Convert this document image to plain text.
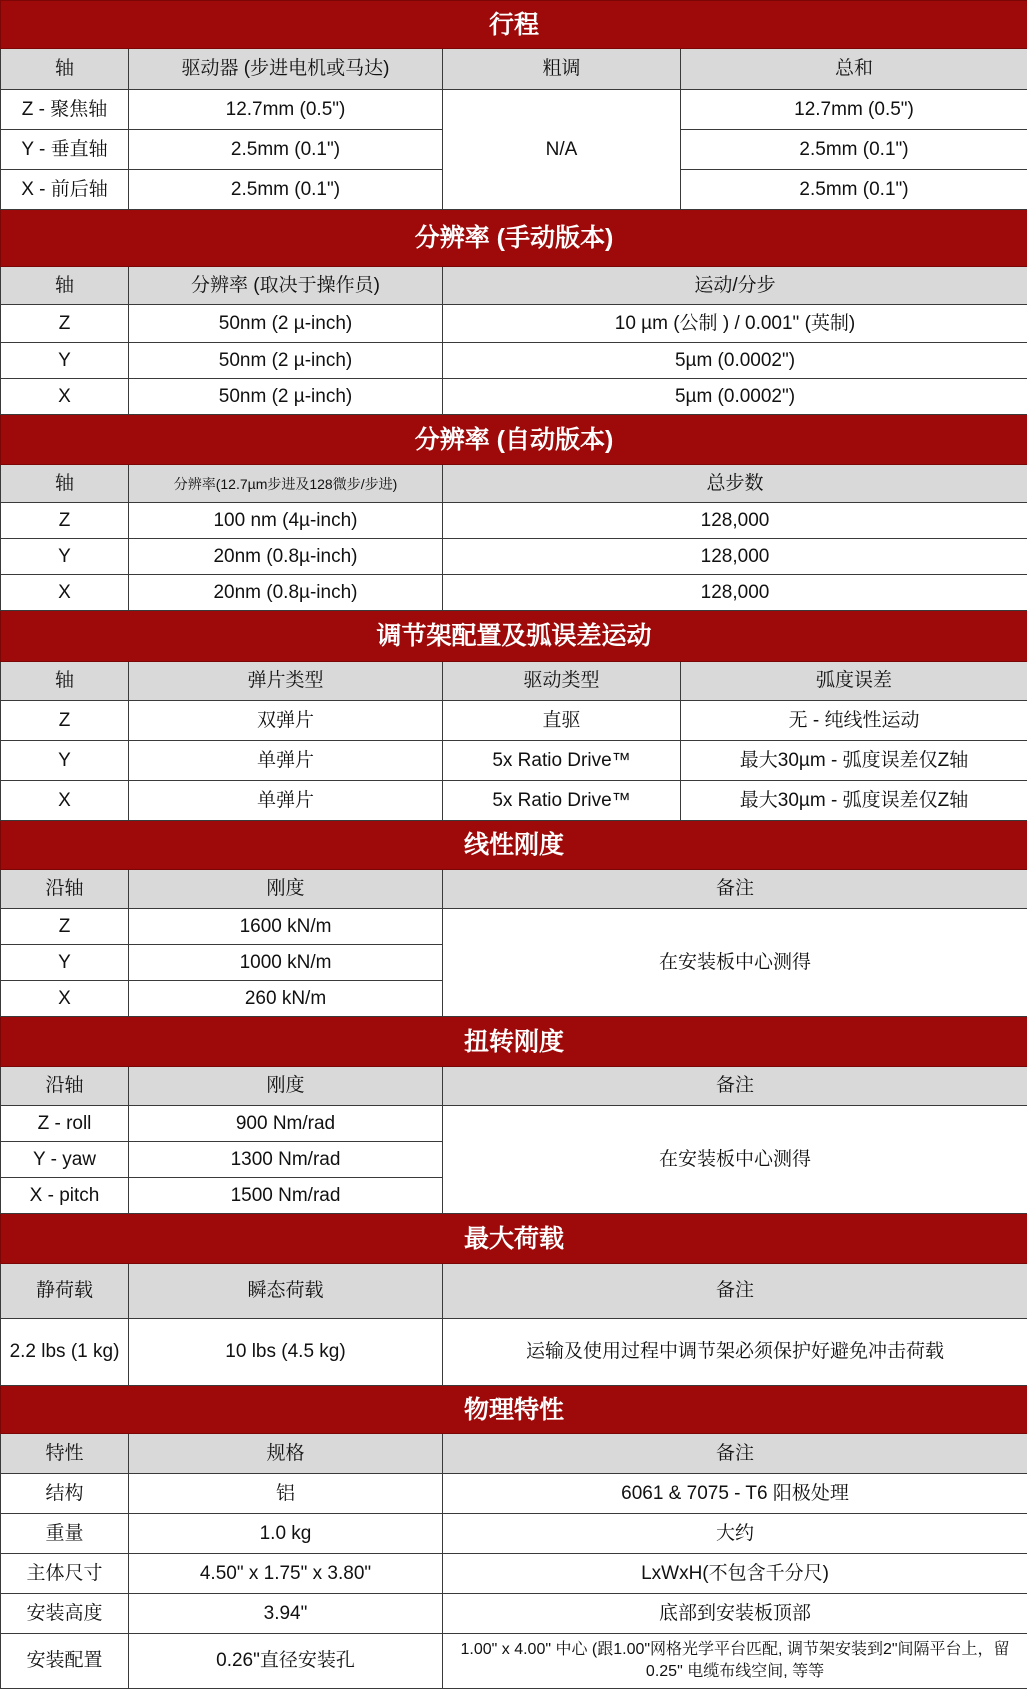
行程			
轴	驱动器 (步进电机或马达)	粗调	总和
Z - 聚焦轴	12.7mm (0.5")	N/A	12.7mm (0.5")
Y - 垂直轴	2.5mm (0.1")		2.5mm (0.1")
X - 前后轴	2.5mm (0.1")		2.5mm (0.1")
分辨率 (手动版本)			
轴	分辨率 (取决于操作员)	运动/分步	
Z	50nm (2 µ-inch)	10 µm (公制 ) / 0.001" (英制)	
Y	50nm (2 µ-inch)	5µm (0.0002")	
X	50nm (2 µ-inch)	5µm (0.0002")	
分辨率 (自动版本)			
轴	分辨率(12.7µm步进及128微步/步进)	总步数	
Z	100 nm (4µ-inch)	128,000	
Y	20nm (0.8µ-inch)	128,000	
X	20nm (0.8µ-inch)	128,000	
调节架配置及弧误差运动			
轴	弹片类型	驱动类型	弧度误差
Z	双弹片	直驱	无 - 纯线性运动
Y	单弹片	5x Ratio Drive™	最大30µm - 弧度误差仅Z轴
X	单弹片	5x Ratio Drive™	最大30µm - 弧度误差仅Z轴
线性刚度			
沿轴	刚度	备注	
Z	1600 kN/m	在安装板中心测得	
Y	1000 kN/m		
X	260 kN/m		
扭转刚度			
沿轴	刚度	备注	
Z - roll	900 Nm/rad	在安装板中心测得	
Y - yaw	1300 Nm/rad		
X - pitch	1500 Nm/rad		
最大荷载			
静荷载	瞬态荷载	备注	
2.2 lbs (1 kg)	10 lbs (4.5 kg)	运输及使用过程中调节架必须保护好避免冲击荷载	
物理特性			
特性	规格	备注	
结构	铝	6061 & 7075 - T6 阳极处理	
重量	1.0 kg	大约	
主体尺寸	4.50" x 1.75" x 3.80"	LxWxH(不包含千分尺)	
安装高度	3.94"	底部到安装板顶部	
安装配置	0.26"直径安装孔	1.00" x 4.00" 中心 (跟1.00"网格光学平台匹配, 调节架安装到2"间隔平台上，留0.25" 电缆布线空间, 等等	
